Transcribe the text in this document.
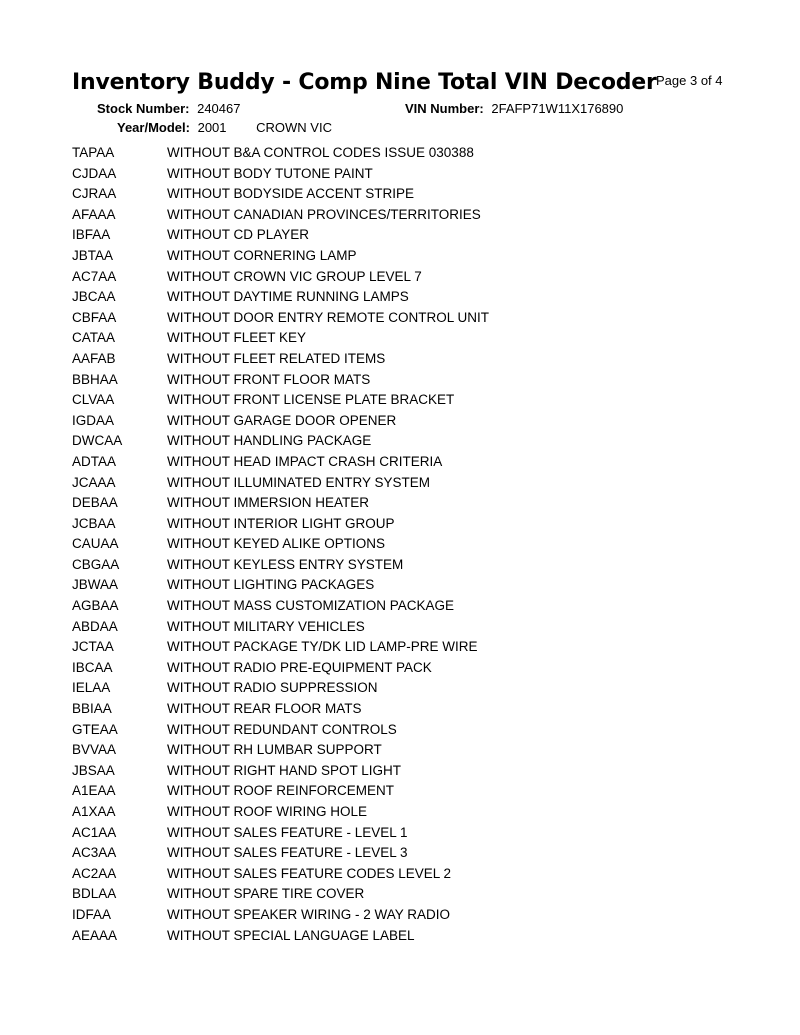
Inventory Buddy - Comp Nine Total VIN Decoder Page 3 of 4
Stock Number: 240467	VIN Number: 2FAFP71W11X176890
Year/Model: 2001 CROWN VIC
TAPAA	WITHOUT B&A CONTROL CODES ISSUE 030388
CJDAA	WITHOUT BODY TUTONE PAINT
CJRAA	WITHOUT BODYSIDE ACCENT STRIPE
AFAAA	WITHOUT CANADIAN PROVINCES/TERRITORIES
IBFAA	WITHOUT CD PLAYER
JBTAA	WITHOUT CORNERING LAMP
AC7AA	WITHOUT CROWN VIC GROUP LEVEL 7
JBCAA	WITHOUT DAYTIME RUNNING LAMPS
CBFAA	WITHOUT DOOR ENTRY REMOTE CONTROL UNIT
CATAA	WITHOUT FLEET KEY
AAFAB	WITHOUT FLEET RELATED ITEMS
BBHAA	WITHOUT FRONT FLOOR MATS
CLVAA	WITHOUT FRONT LICENSE PLATE BRACKET
IGDAA	WITHOUT GARAGE DOOR OPENER
DWCAA	WITHOUT HANDLING PACKAGE
ADTAA	WITHOUT HEAD IMPACT CRASH CRITERIA
JCAAA	WITHOUT ILLUMINATED ENTRY SYSTEM
DEBAA	WITHOUT IMMERSION HEATER
JCBAA	WITHOUT INTERIOR LIGHT GROUP
CAUAA	WITHOUT KEYED ALIKE OPTIONS
CBGAA	WITHOUT KEYLESS ENTRY SYSTEM
JBWAA	WITHOUT LIGHTING PACKAGES
AGBAA	WITHOUT MASS CUSTOMIZATION PACKAGE
ABDAA	WITHOUT MILITARY VEHICLES
JCTAA	WITHOUT PACKAGE TY/DK LID LAMP-PRE WIRE
IBCAA	WITHOUT RADIO PRE-EQUIPMENT PACK
IELAA	WITHOUT RADIO SUPPRESSION
BBIAA	WITHOUT REAR FLOOR MATS
GTEAA	WITHOUT REDUNDANT CONTROLS
BVVAA	WITHOUT RH LUMBAR SUPPORT
JBSAA	WITHOUT RIGHT HAND SPOT LIGHT
A1EAA	WITHOUT ROOF REINFORCEMENT
A1XAA	WITHOUT ROOF WIRING HOLE
AC1AA	WITHOUT SALES FEATURE - LEVEL 1
AC3AA	WITHOUT SALES FEATURE - LEVEL 3
AC2AA	WITHOUT SALES FEATURE CODES LEVEL 2
BDLAA	WITHOUT SPARE TIRE COVER
IDFAA	WITHOUT SPEAKER WIRING - 2 WAY RADIO
AEAAA	WITHOUT SPECIAL LANGUAGE LABEL
